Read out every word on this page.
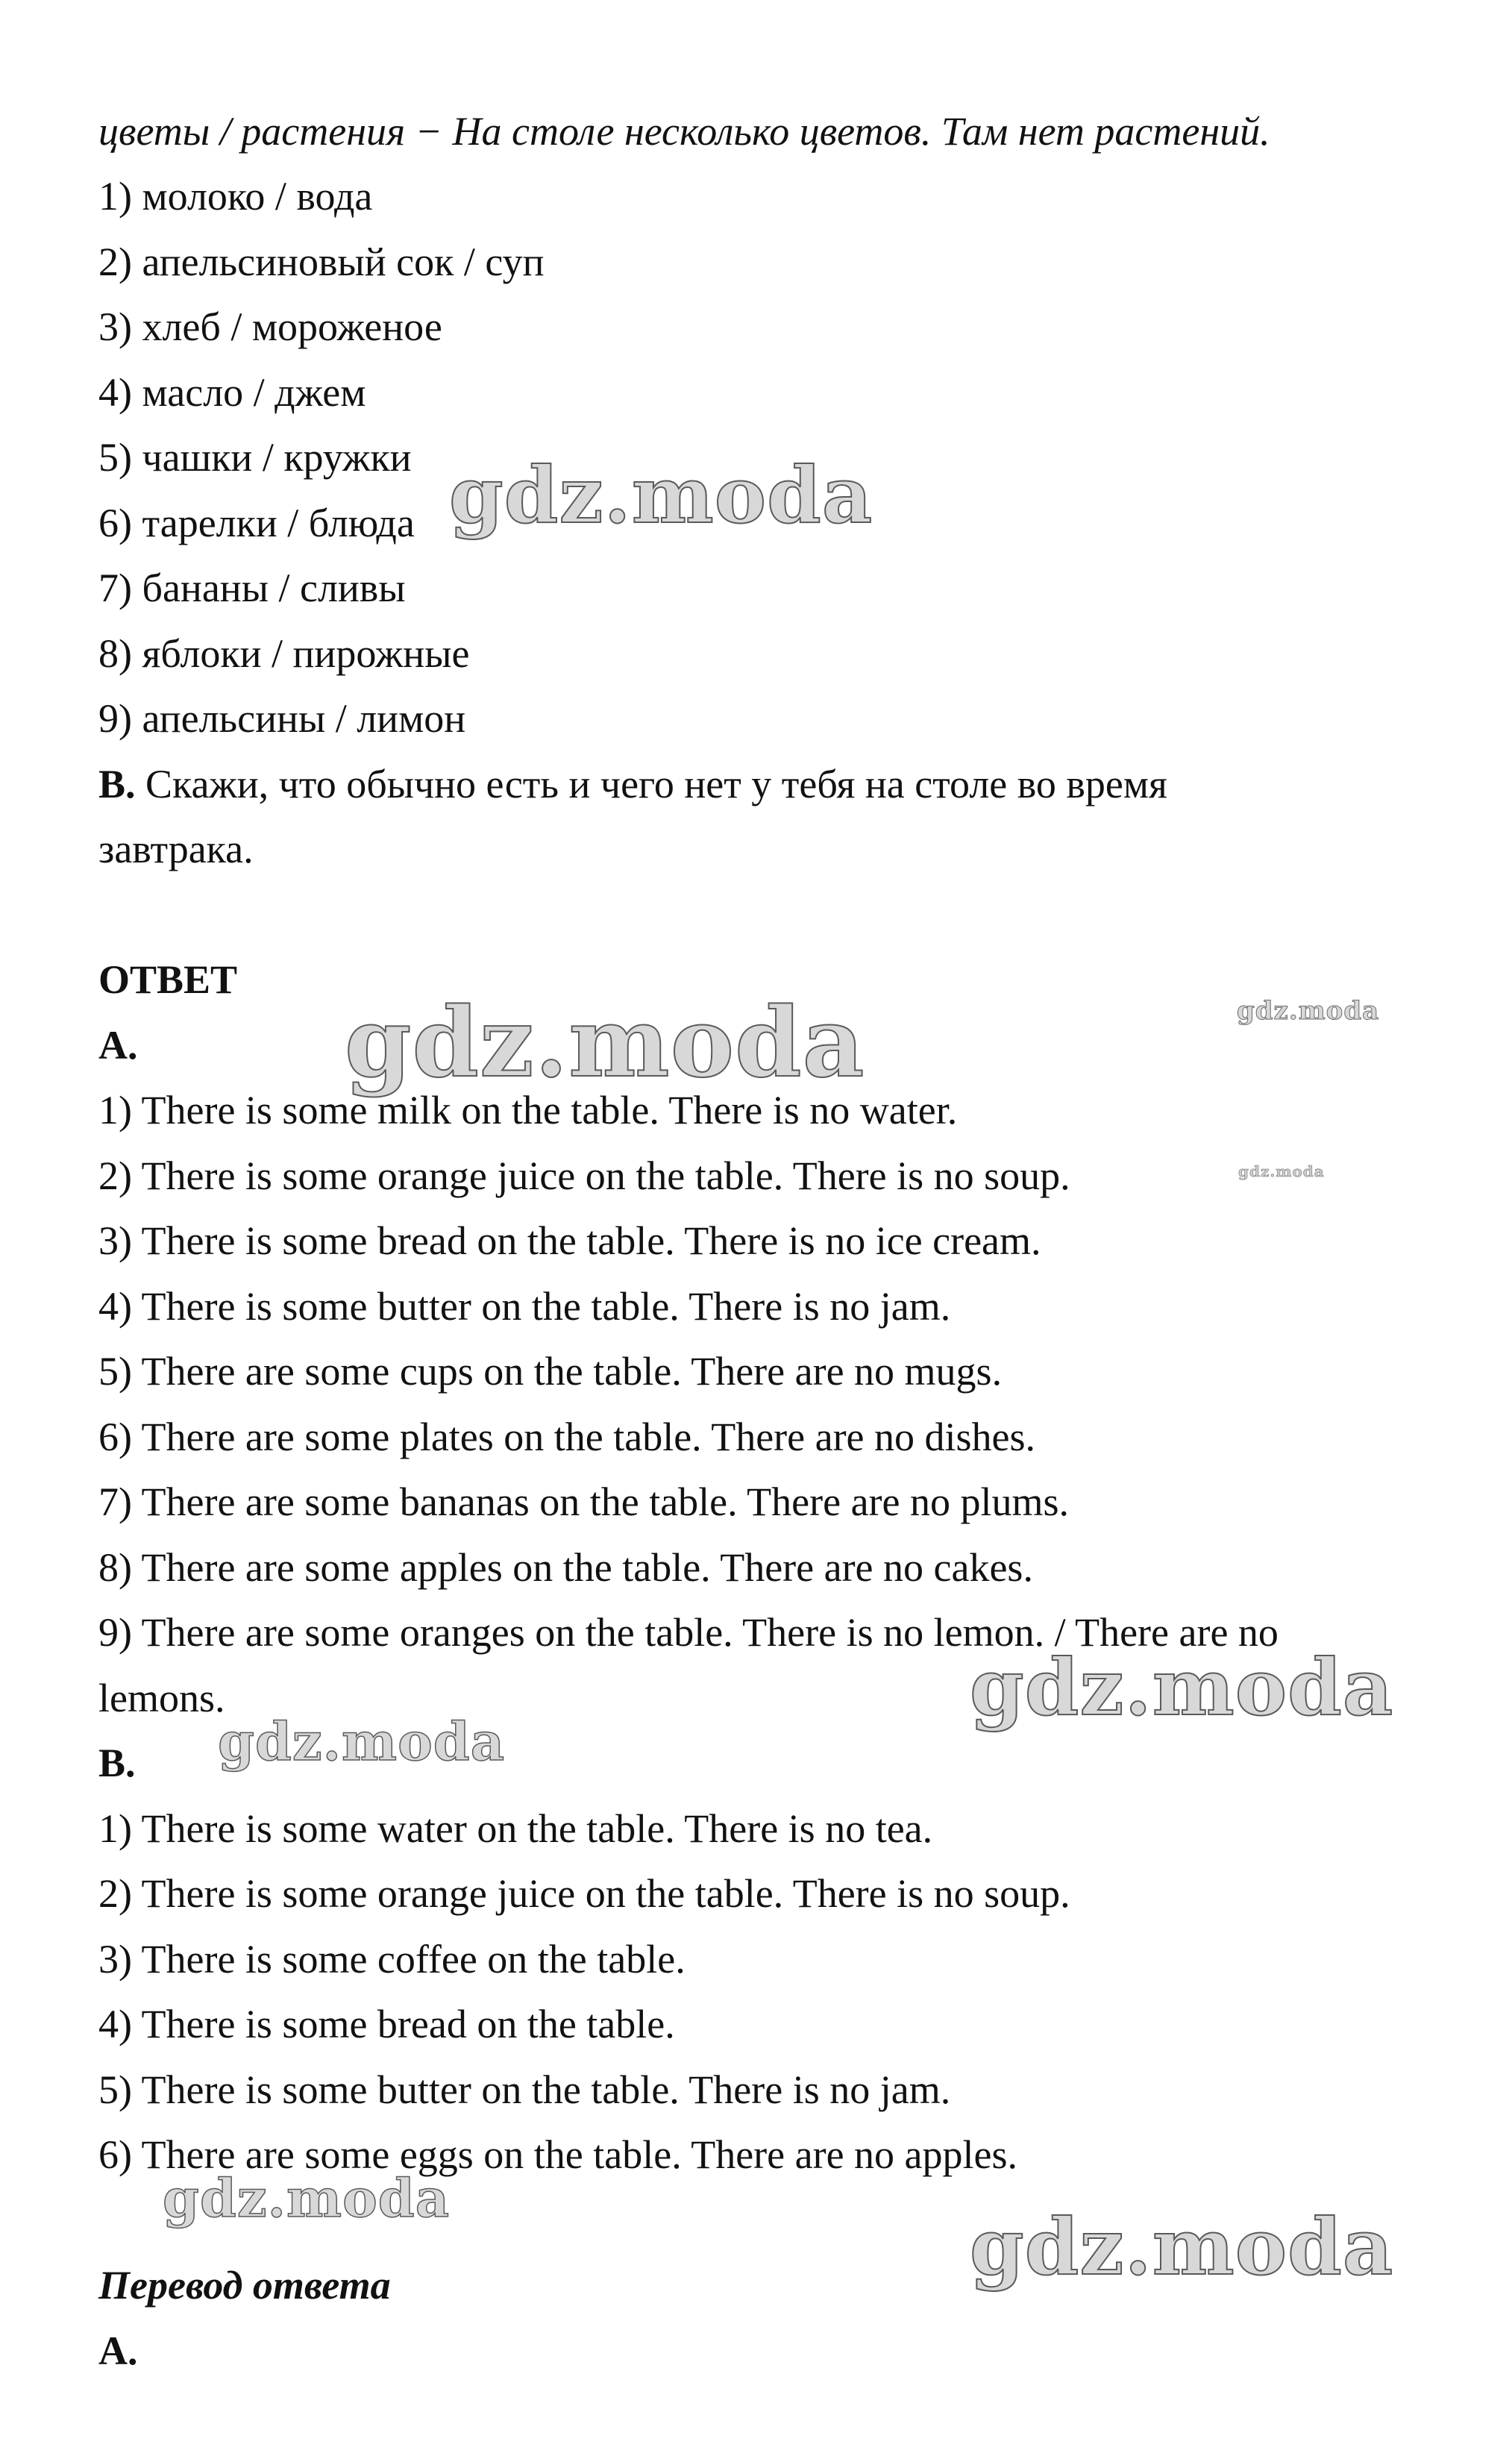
цветы / растения − На столе несколько цветов. Там нет растений.
1) молоко / вода
2) апельсиновый сок / суп
3) хлеб / мороженое
4) масло / джем
5) чашки / кружки
6) тарелки / блюда
7) бананы / сливы
8) яблоки / пирожные
9) апельсины / лимон
B. Скажи, что обычно есть и чего нет у тебя на столе во время
завтрака.
ОТВЕТ
A.
1) There is some milk on the table. There is no water.
2) There is some orange juice on the table. There is no soup.
3) There is some bread on the table. There is no ice cream.
4) There is some butter on the table. There is no jam.
5) There are some cups on the table. There are no mugs.
6) There are some plates on the table. There are no dishes.
7) There are some bananas on the table. There are no plums.
8) There are some apples on the table. There are no cakes.
9) There are some oranges on the table. There is no lemon. / There are no
lemons.
B.
1) There is some water on the table. There is no tea.
2) There is some orange juice on the table. There is no soup.
3) There is some coffee on the table.
4) There is some bread on the table.
5) There is some butter on the table. There is no jam.
6) There are some eggs on the table. There are no apples.
Перевод ответа
A.
gdz.moda
gdz.moda	gdz.moda
gdz.moda
gdz.moda
gdz.moda
gdz.moda
gdz.moda
